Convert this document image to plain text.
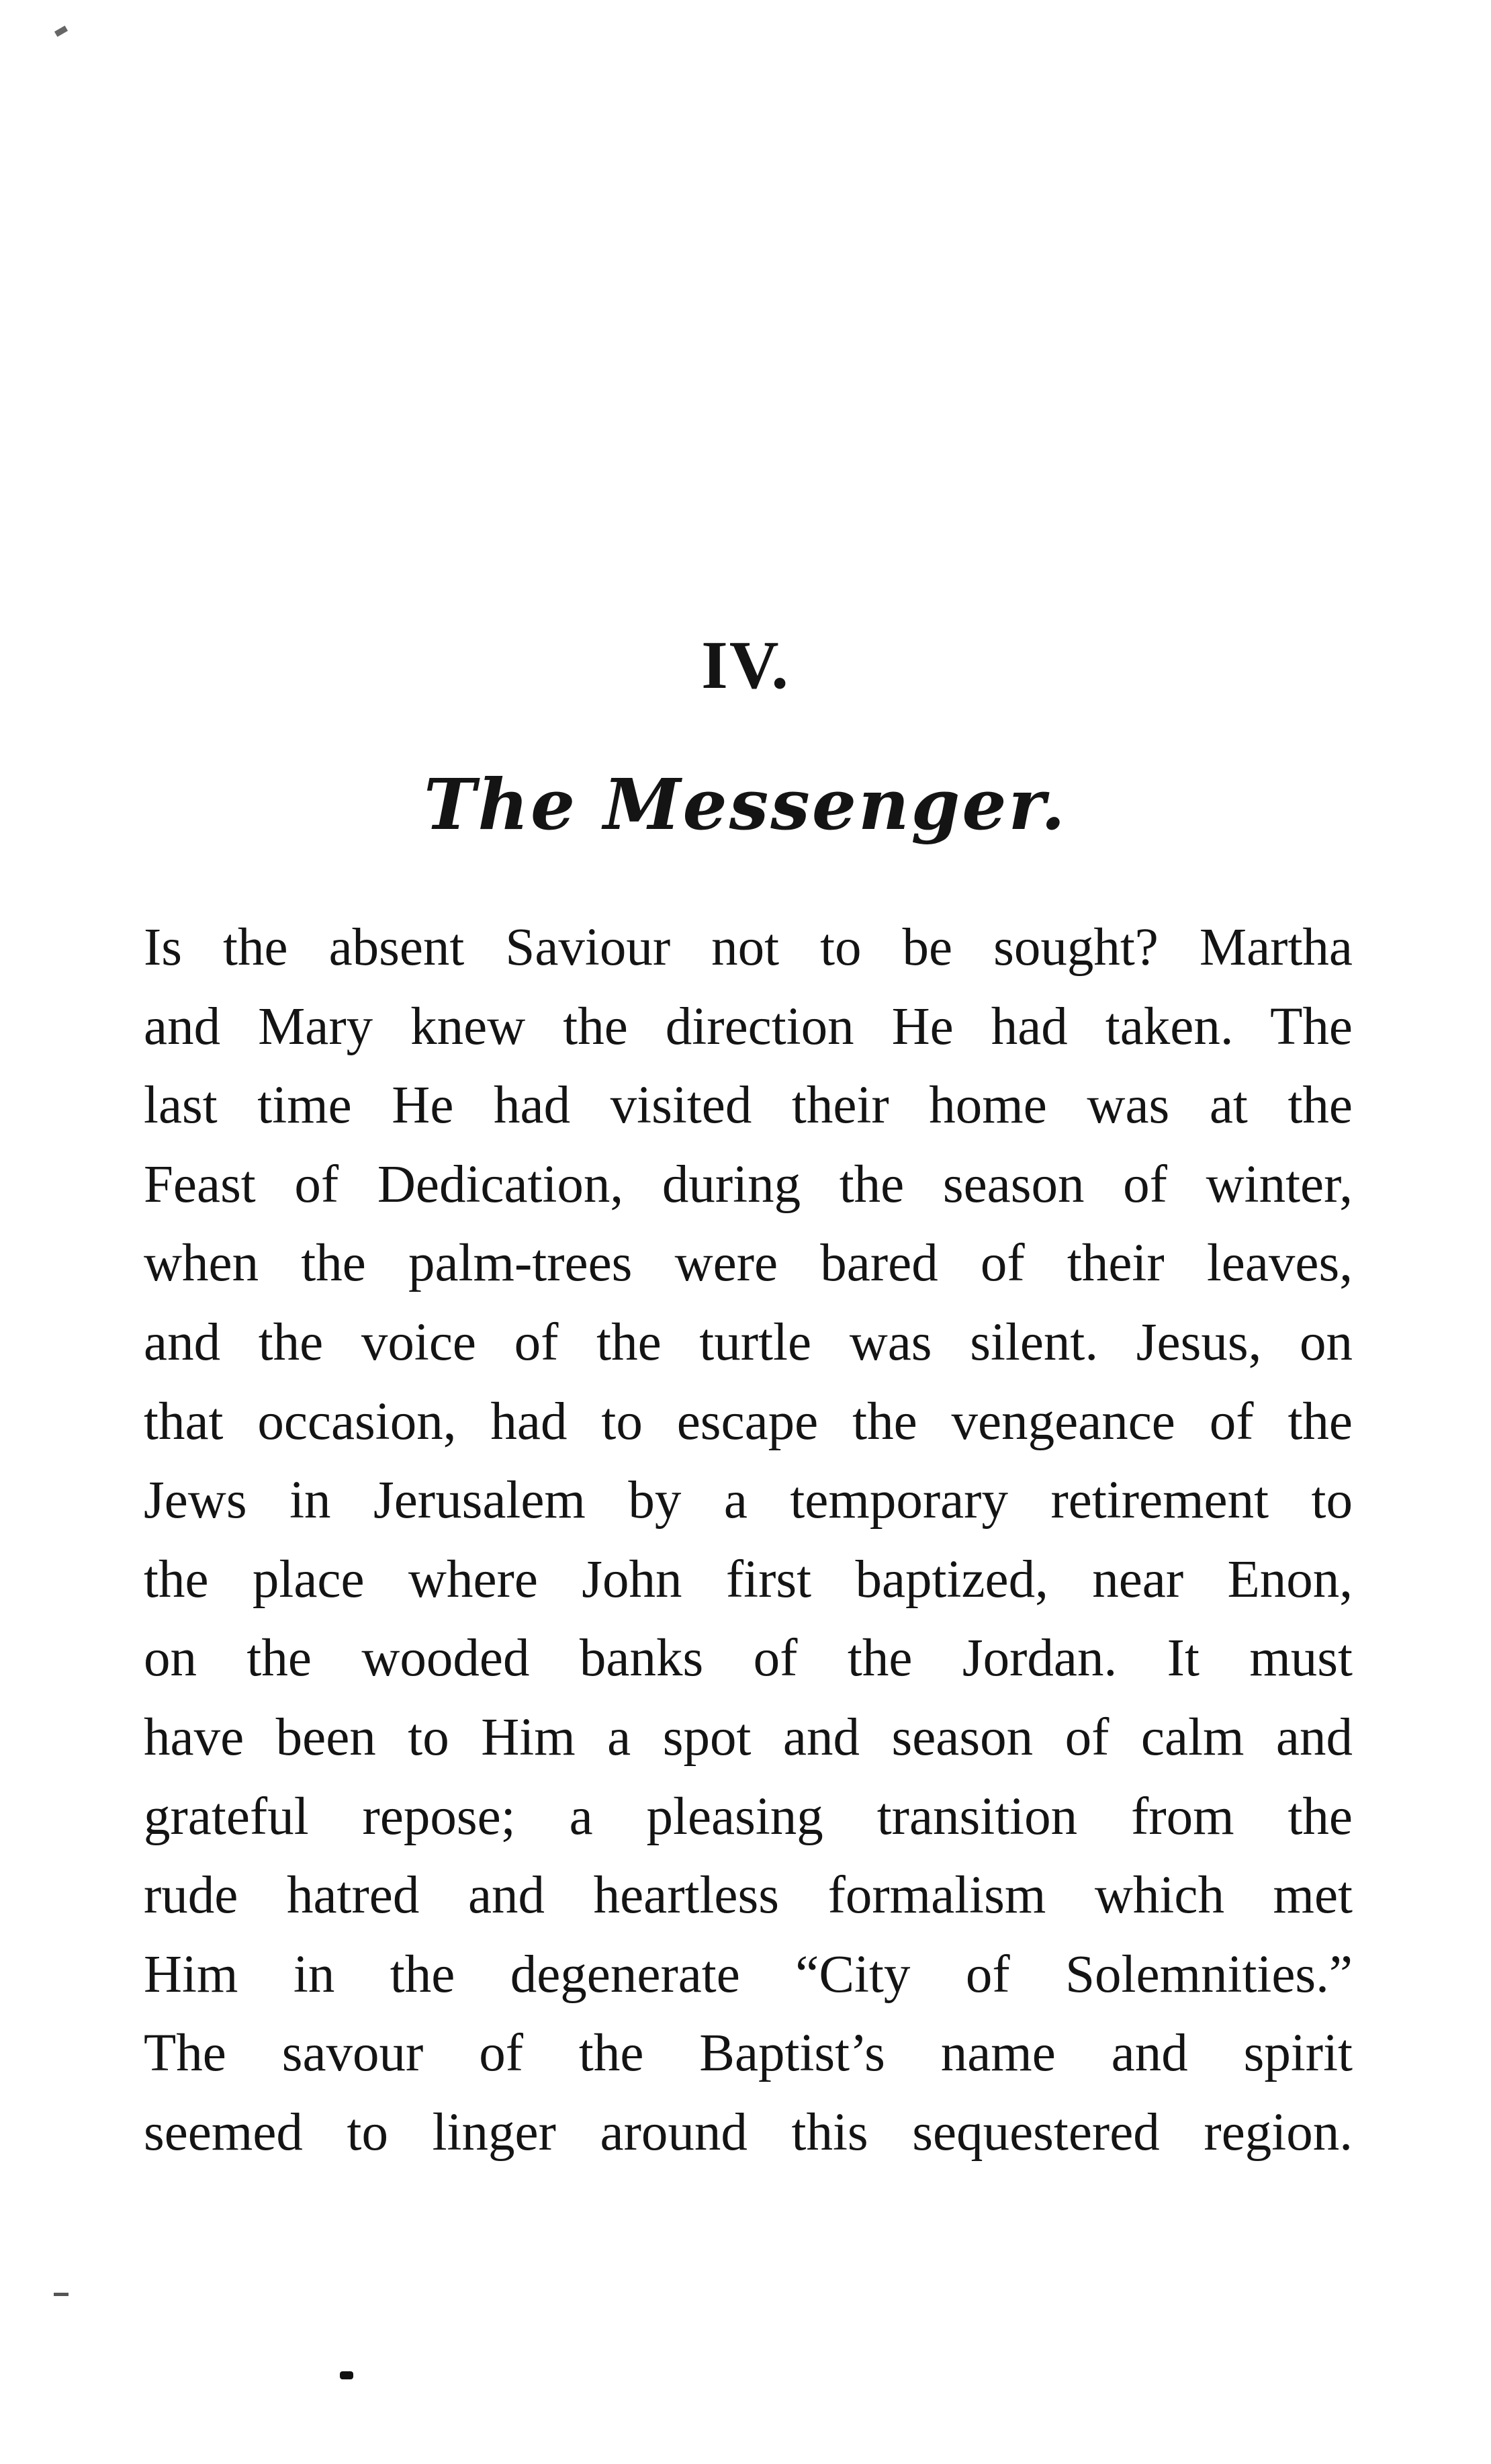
IV.
The Messenger.
Is the absent Saviour not to be sought? Martha
and Mary knew the direction He had taken. The
last time He had visited their home was at the
Feast of Dedication, during the season of winter,
when the palm-trees were bared of their leaves,
and the voice of the turtle was silent. Jesus, on
that occasion, had to escape the vengeance of the
Jews in Jerusalem by a temporary retirement to
the place where John first baptized, near Enon,
on the wooded banks of the Jordan. It must
have been to Him a spot and season of calm and
grateful repose; a pleasing transition from the
rude hatred and heartless formalism which met
Him in the degenerate “City of Solemnities.”
The savour of the Baptist’s name and spirit
seemed to linger around this sequestered region.
